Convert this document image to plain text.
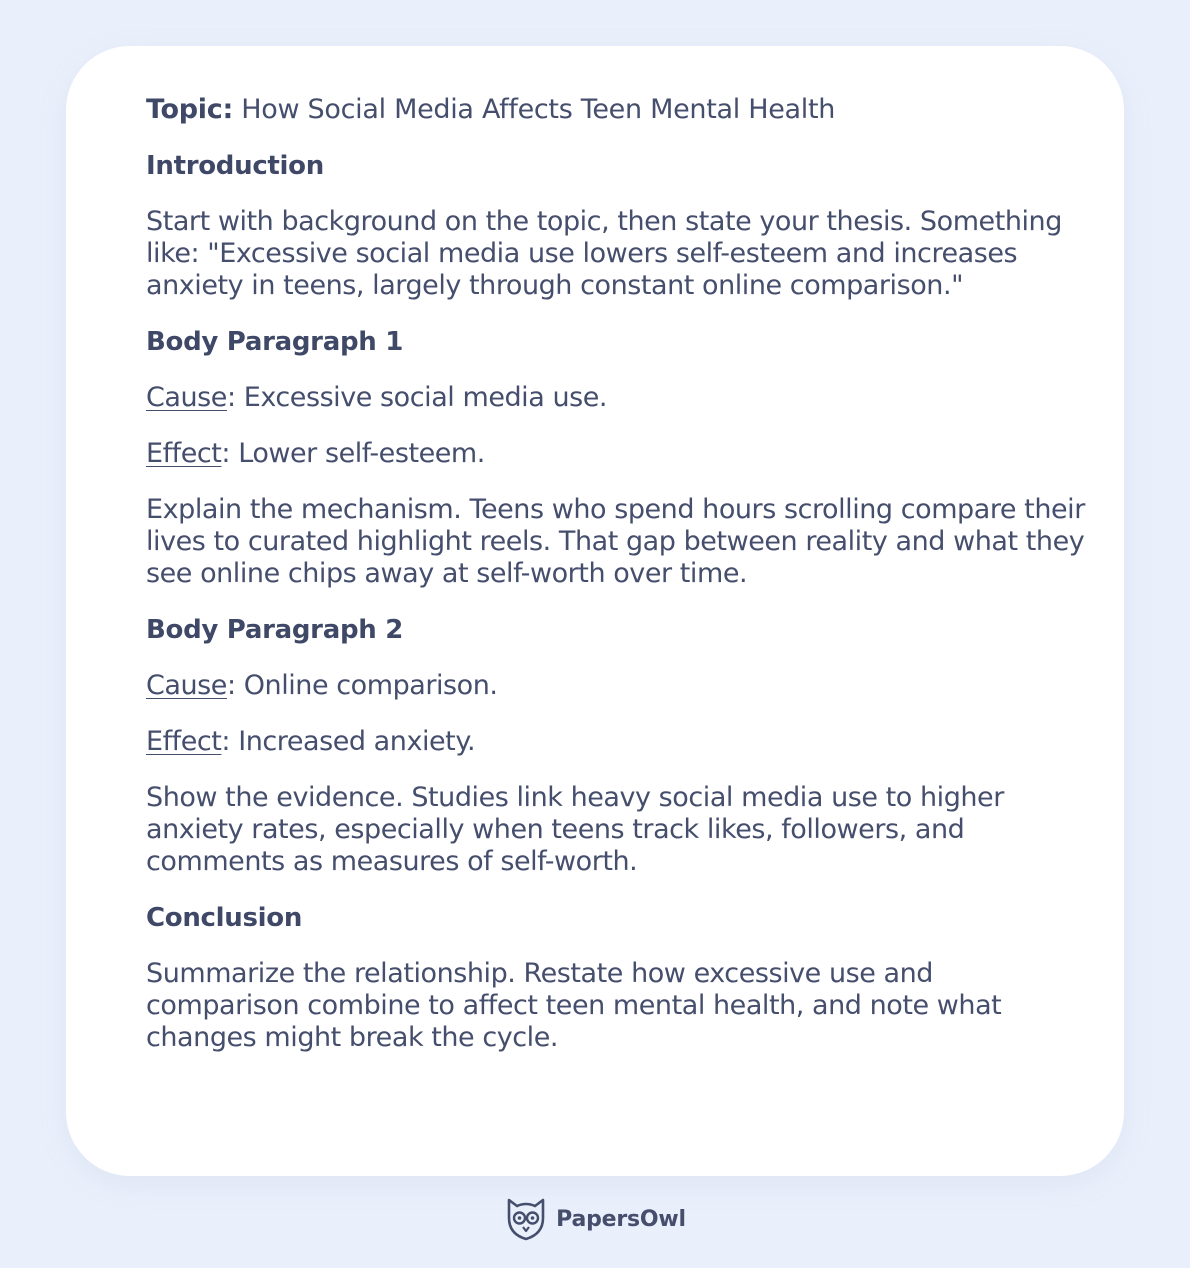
Topic: How Social Media Affects Teen Mental Health
Introduction

Start with background on the topic, then state your thesis. Something like: "Excessive social media use lowers self-esteem and increases anxiety in teens, largely through constant online comparison."

Body Paragraph 1

Cause: Excessive social media use.

Effect: Lower self-esteem.

Explain the mechanism. Teens who spend hours scrolling compare their lives to curated highlight reels. That gap between reality and what they see online chips away at self-worth over time.

Body Paragraph 2

Cause: Online comparison.

Effect: Increased anxiety.

Show the evidence. Studies link heavy social media use to higher anxiety rates, especially when teens track likes, followers, and comments as measures of self-worth.

Conclusion

Summarize the relationship. Restate how excessive use and comparison combine to affect teen mental health, and note what changes might break the cycle.

PapersOwl
